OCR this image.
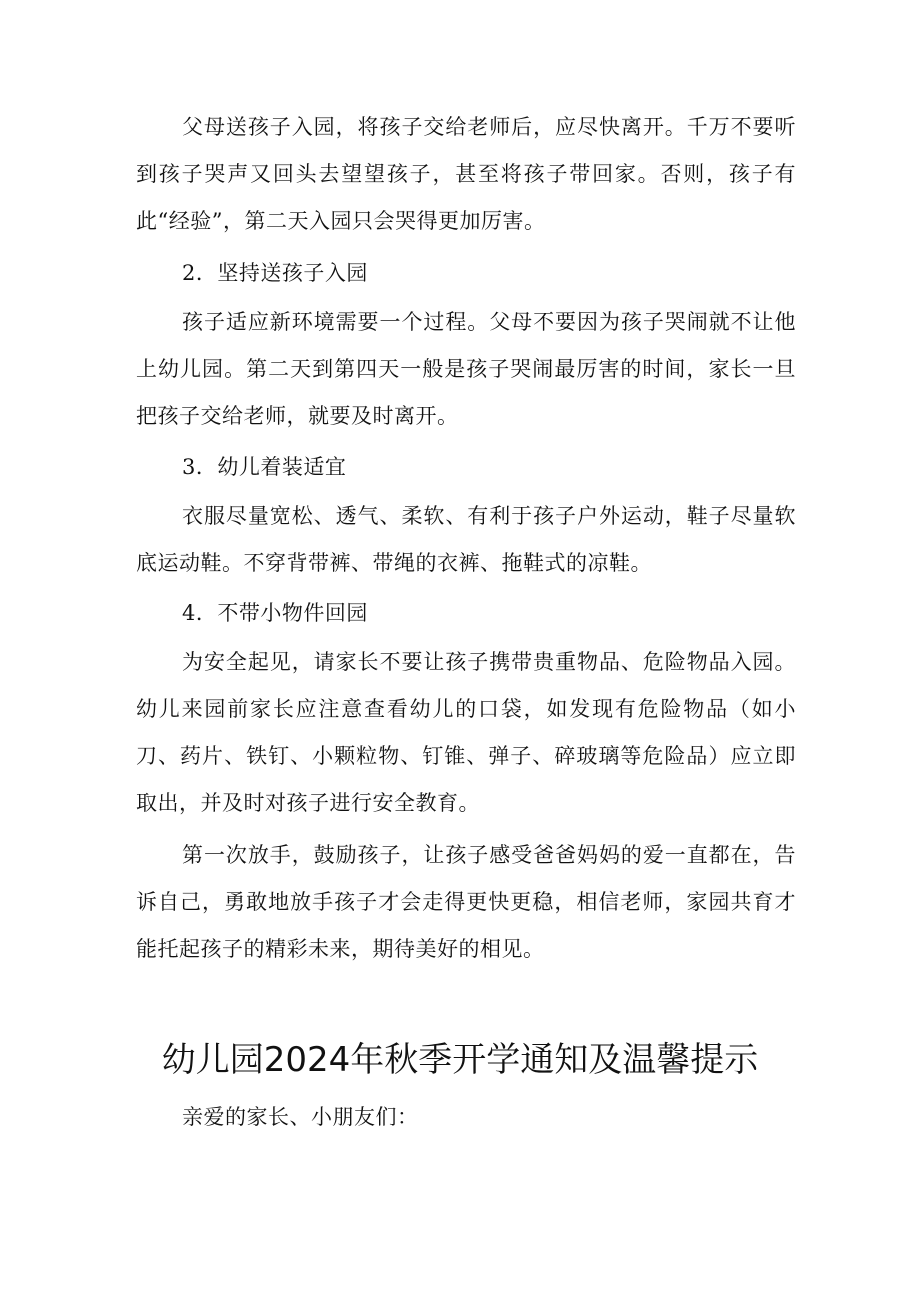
父母送孩子入园，将孩子交给老师后，应尽快离开。千万不要听到孩子哭声又回头去望望孩子，甚至将孩子带回家。否则，孩子有此“经验”，第二天入园只会哭得更加厉害。

2．坚持送孩子入园

孩子适应新环境需要一个过程。父母不要因为孩子哭闹就不让他上幼儿园。第二天到第四天一般是孩子哭闹最厉害的时间，家长一旦把孩子交给老师，就要及时离开。

3．幼儿着装适宜

衣服尽量宽松、透气、柔软、有利于孩子户外运动，鞋子尽量软底运动鞋。不穿背带裤、带绳的衣裤、拖鞋式的凉鞋。

4．不带小物件回园

为安全起见，请家长不要让孩子携带贵重物品、危险物品入园。幼儿来园前家长应注意查看幼儿的口袋，如发现有危险物品（如小刀、药片、铁钉、小颗粒物、钉锥、弹子、碎玻璃等危险品）应立即取出，并及时对孩子进行安全教育。

第一次放手，鼓励孩子，让孩子感受爸爸妈妈的爱一直都在，告诉自己，勇敢地放手孩子才会走得更快更稳，相信老师，家园共育才能托起孩子的精彩未来，期待美好的相见。

幼儿园2024年秋季开学通知及温馨提示

亲爱的家长、小朋友们：
